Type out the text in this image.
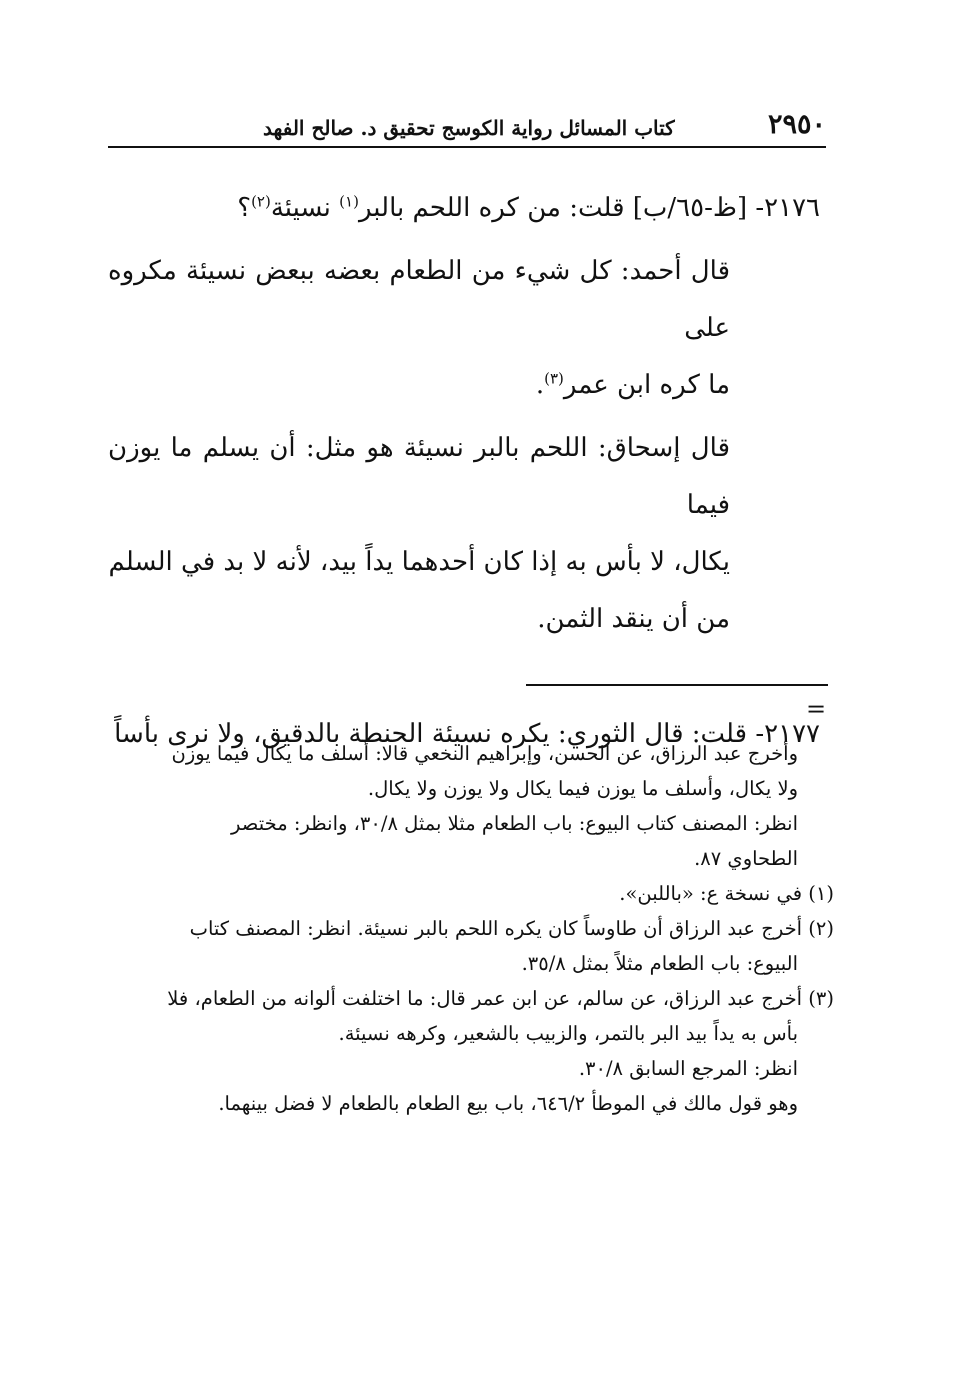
٢٩٥٠
كتاب المسائل رواية الكوسج تحقيق د. صالح الفهد

٢١٧٦- [ظ-٦٥/ب] قلت: من كره اللحم بالبر$^{(١)}$ نسيئة$^{(٢)}$؟

قال أحمد: كل شيء من الطعام بعضه ببعض نسيئة مكروه على

ما كره ابن عمر$^{(٣)}$.

قال إسحاق: اللحم بالبر نسيئة هو مثل: أن يسلم ما يوزن فيما

يكال، لا بأس به إذا كان أحدهما يداً بيد، لأنه لا بد في السلم

من أن ينقد الثمن.

٢١٧٧- قلت: قال الثوري: يكره نسيئة الحنطة بالدقيق، ولا نرى بأساً

=

وأخرج عبد الرزاق، عن الحسن، وإبراهيم النخعي قالا: أسلف ما يكال فيما يوزن

ولا يكال، وأسلف ما يوزن فيما يكال ولا يوزن ولا يكال.

انظر: المصنف كتاب البيوع: باب الطعام مثلا بمثل ٣٠/٨، وانظر: مختصر

الطحاوي ٨٧.

(١) في نسخة ع: «باللبن».

(٢) أخرج عبد الرزاق أن طاوساً كان يكره اللحم بالبر نسيئة. انظر: المصنف كتاب

البيوع: باب الطعام مثلاً بمثل ٣٥/٨.

(٣) أخرج عبد الرزاق، عن سالم، عن ابن عمر قال: ما اختلفت ألوانه من الطعام، فلا

بأس به يداً بيد البر بالتمر، والزبيب بالشعير، وكرهه نسيئة.

انظر: المرجع السابق ٣٠/٨.

وهو قول مالك في الموطأ ٦٤٦/٢، باب بيع الطعام بالطعام لا فضل بينهما.
